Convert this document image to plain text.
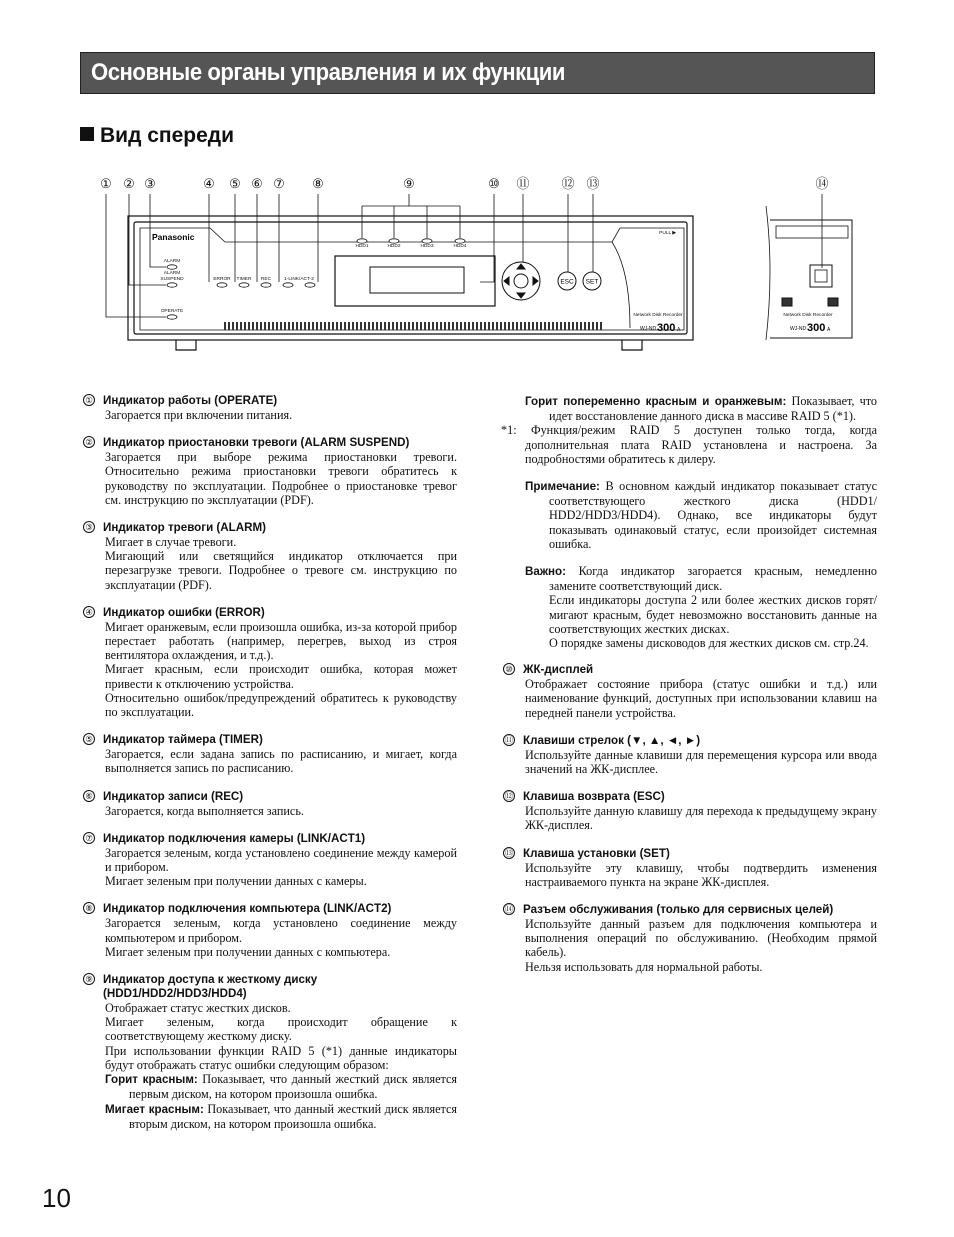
Основные органы управления и их функции
Вид спереди
① ② ③	④ ⑤ ⑥ ⑦ ⑧	⑨	⑩ ⑪ ⑫ ⑬	⑭
Panasonic
ALARM
ALARM
SUSPEND
OPERATE
ERROR TIMER REC	1-LINK/ACT-2
HDD1	HDD2	HDD3	HDD4
PULL ▶
Network Disk Recorder	Network Disk Recorder
ESC SET
WJ-ND 300 A	WJ-ND 300 A
① Индикатор работы (OPERATE)

Загорается при включении питания.

② Индикатор приостановки тревоги (ALARM SUSPEND)

Загорается при выборе режима приостановки тревоги. Относительно режима приостановки тревоги обратитесь к руководству по эксплуатации. Подробнее о приостановке тревог см. инструкцию по эксплуатации (PDF).

③ Индикатор тревоги (ALARM)

Мигает в случае тревоги.

Мигающий или светящийся индикатор отключается при перезагрузке тревоги. Подробнее о тревоге см. инструкцию по эксплуатации (PDF).

④ Индикатор ошибки (ERROR)

Мигает оранжевым, если произошла ошибка, из-за которой прибор перестает работать (например, перегрев, выход из строя вентилятора охлаждения, и т.д.).

Мигает красным, если происходит ошибка, которая может привести к отключению устройства.

Относительно ошибок/предупреждений обратитесь к руководству по эксплуатации.

⑤ Индикатор таймера (TIMER)

Загорается, если задана запись по расписанию, и мигает, когда выполняется запись по расписанию.

⑥ Индикатор записи (REC)

Загорается, когда выполняется запись.

⑦ Индикатор подключения камеры (LINK/ACT1)

Загорается зеленым, когда установлено соединение между камерой и прибором.

Мигает зеленым при получении данных с камеры.

⑧ Индикатор подключения компьютера (LINK/ACT2)

Загорается зеленым, когда установлено соединение между компьютером и прибором.

Мигает зеленым при получении данных с компьютера.

⑨ Индикатор доступа к жесткому диску
(HDD1/HDD2/HDD3/HDD4)

Отображает статус жестких дисков.

Мигает зеленым, когда происходит обращение к соответствующему жесткому диску.

При использовании функции RAID 5 (*1) данные индикаторы будут отображать статус ошибки следующим образом:

Горит красным: Показывает, что данный жесткий диск является первым диском, на котором произошла ошибка.
Мигает красным: Показывает, что данный жесткий диск является вторым диском, на котором произошла ошибка.
Горит попеременно красным и оранжевым: Показывает, что идет восстановление данного диска в массиве RAID 5 (*1).
*1: Функция/режим RAID 5 доступен только тогда, когда дополнительная плата RAID установлена и настроена. За подробностями обратитесь к дилеру.
Примечание: В основном каждый индикатор показывает статус соответствующего жесткого диска (HDD1/ HDD2/HDD3/HDD4). Однако, все индикаторы будут показывать одинаковый статус, если произойдет системная ошибка.
Важно: Когда индикатор загорается красным, немедленно замените соответствующий диск.
Если индикаторы доступа 2 или более жестких дисков горят/мигают красным, будет невозможно восстановить данные на соответствующих жестких дисках.
О порядке замены дисководов для жестких дисков см. стр.24.
⑩ ЖК-дисплей

Отображает состояние прибора (статус ошибки и т.д.) или наименование функций, доступных при использовании клавиш на передней панели устройства.

⑪ Клавиши стрелок (▼, ▲, ◄, ►)

Используйте данные клавиши для перемещения курсора или ввода значений на ЖК-дисплее.

⑫ Клавиша возврата (ESC)

Используйте данную клавишу для перехода к предыдущему экрану ЖК-дисплея.

⑬ Клавиша установки (SET)

Используйте эту клавишу, чтобы подтвердить изменения настраиваемого пункта на экране ЖК-дисплея.

⑭ Разъем обслуживания (только для сервисных целей)

Используйте данный разъем для подключения компьютера и выполнения операций по обслуживанию. (Необходим прямой кабель).

Нельзя использовать для нормальной работы.

10
